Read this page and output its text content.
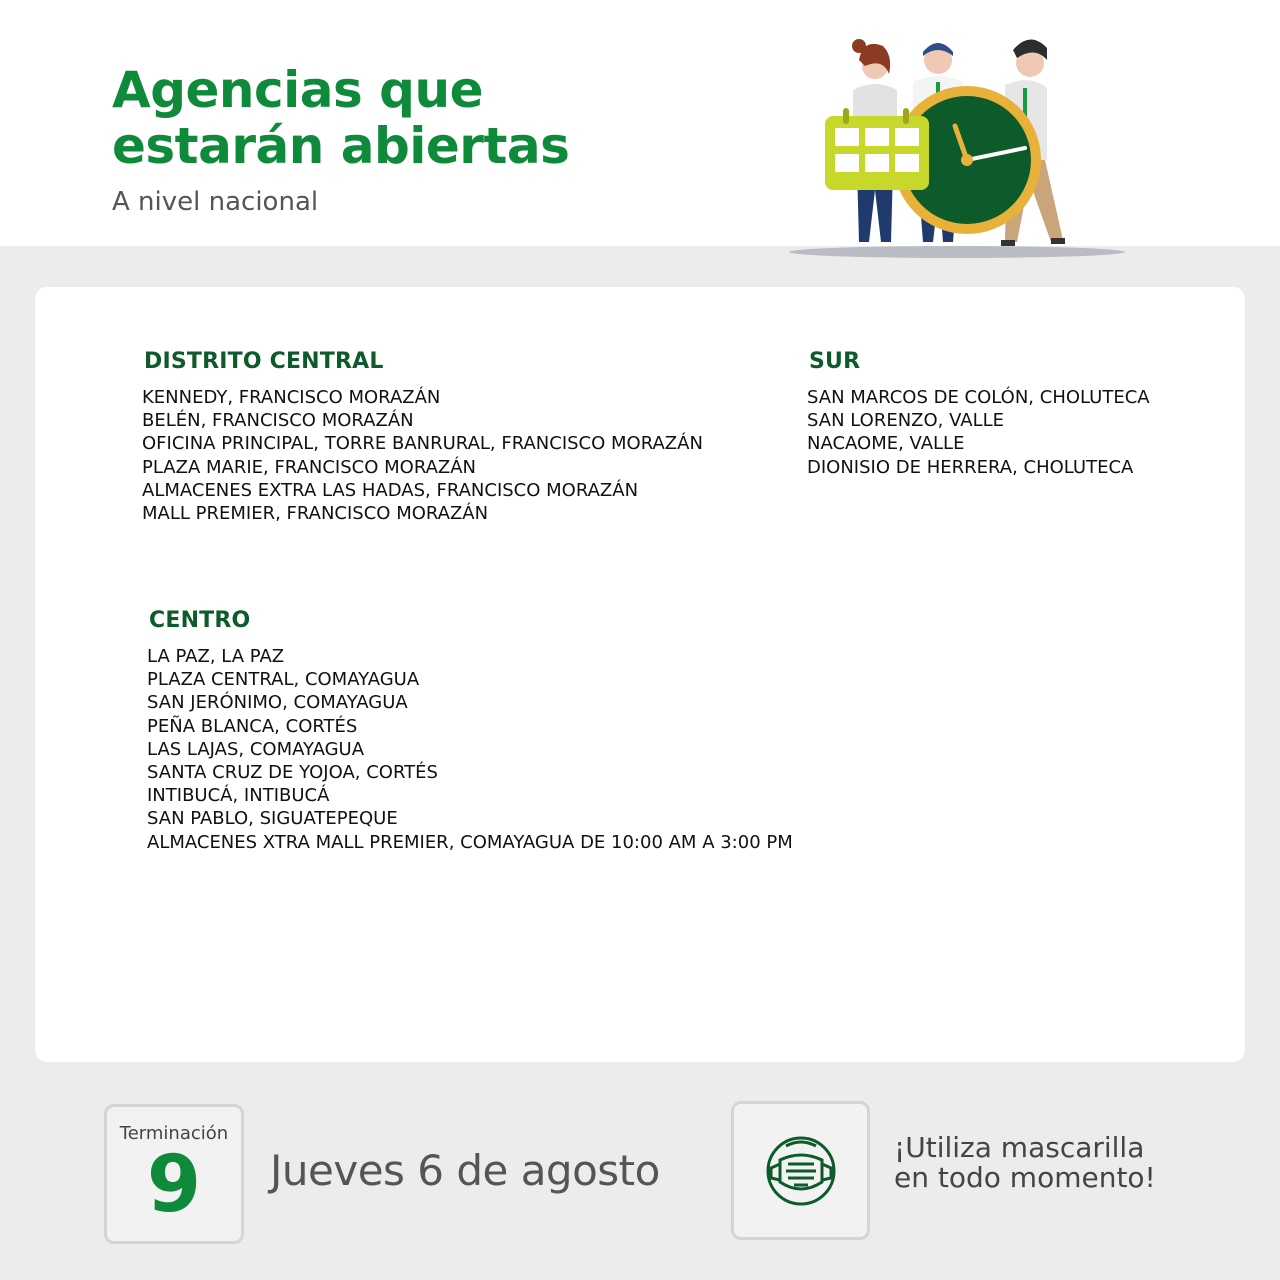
Agencias que
estarán abiertas
A nivel nacional
DISTRITO CENTRAL
KENNEDY, FRANCISCO MORAZÁN
BELÉN, FRANCISCO MORAZÁN
OFICINA PRINCIPAL, TORRE BANRURAL, FRANCISCO MORAZÁN
PLAZA MARIE, FRANCISCO MORAZÁN
ALMACENES EXTRA LAS HADAS, FRANCISCO MORAZÁN
MALL PREMIER, FRANCISCO MORAZÁN
SUR
SAN MARCOS DE COLÓN, CHOLUTECA
SAN LORENZO, VALLE
NACAOME, VALLE
DIONISIO DE HERRERA, CHOLUTECA
CENTRO
LA PAZ, LA PAZ
PLAZA CENTRAL, COMAYAGUA
SAN JERÓNIMO, COMAYAGUA
PEÑA BLANCA, CORTÉS
LAS LAJAS, COMAYAGUA
SANTA CRUZ DE YOJOA, CORTÉS
INTIBUCÁ, INTIBUCÁ
SAN PABLO, SIGUATEPEQUE
ALMACENES XTRA MALL PREMIER, COMAYAGUA DE 10:00 AM A 3:00 PM
Terminación
9	Jueves 6 de agosto	¡Utiliza mascarilla
en todo momento!
